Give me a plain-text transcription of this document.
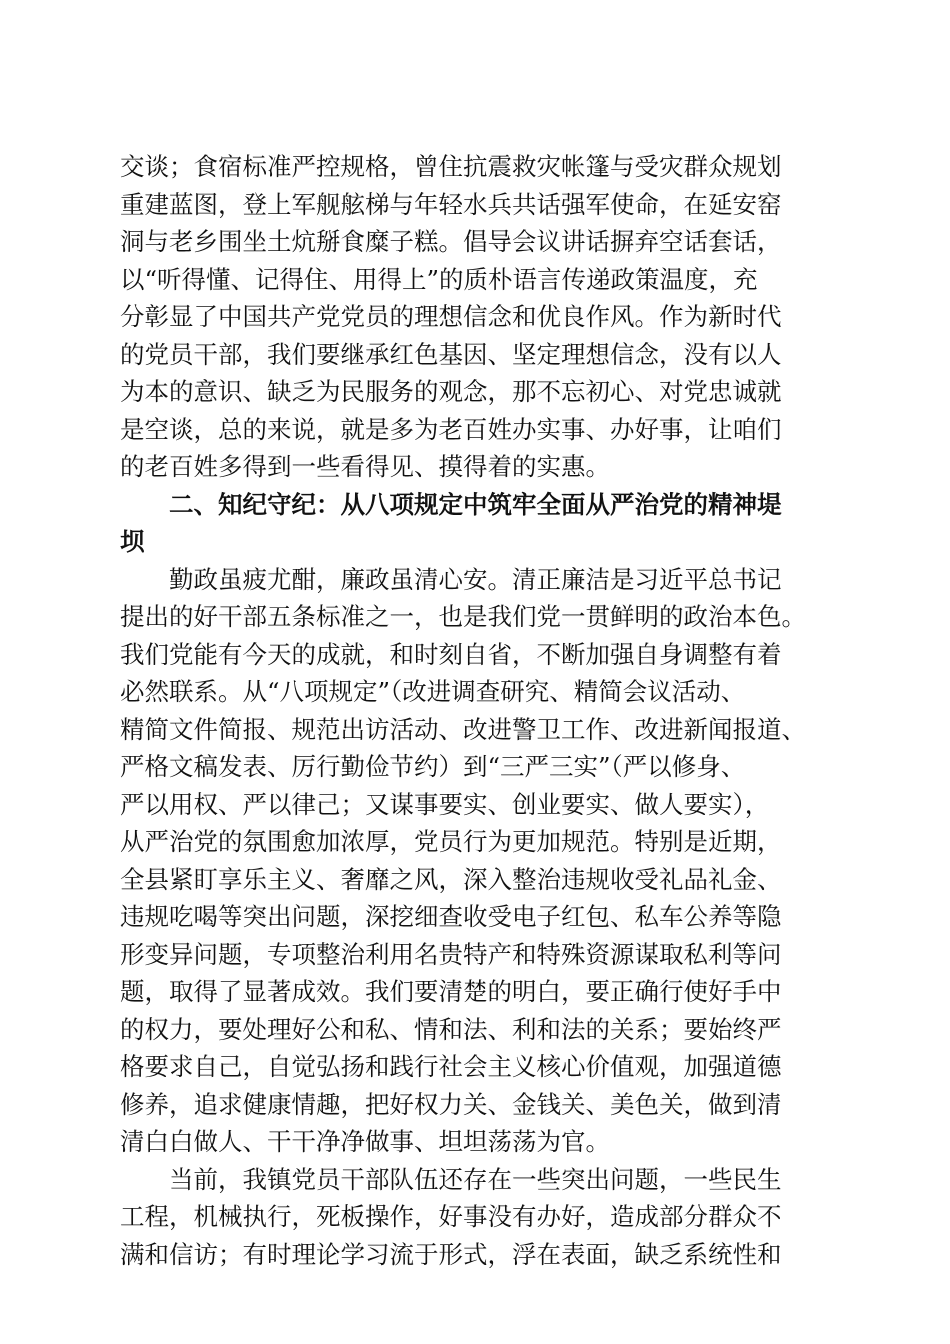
交谈；食宿标准严控规格，曾住抗震救灾帐篷与受灾群众规划
重建蓝图，登上军舰舷梯与年轻水兵共话强军使命，在延安窑
洞与老乡围坐土炕掰食糜子糕。倡导会议讲话摒弃空话套话，
以“听得懂、记得住、用得上”的质朴语言传递政策温度，充
分彰显了中国共产党党员的理想信念和优良作风。作为新时代
的党员干部，我们要继承红色基因、坚定理想信念，没有以人
为本的意识、缺乏为民服务的观念，那不忘初心、对党忠诚就
是空谈，总的来说，就是多为老百姓办实事、办好事，让咱们
的老百姓多得到一些看得见、摸得着的实惠。
二、知纪守纪：从八项规定中筑牢全面从严治党的精神堤
坝
勤政虽疲尤酣，廉政虽清心安。清正廉洁是习近平总书记
提出的好干部五条标准之一，也是我们党一贯鲜明的政治本色。
我们党能有今天的成就，和时刻自省，不断加强自身调整有着
必然联系。从“八项规定”（改进调查研究、精简会议活动、
精简文件简报、规范出访活动、改进警卫工作、改进新闻报道、
严格文稿发表、厉行勤俭节约）到“三严三实”（严以修身、
严以用权、严以律己；又谋事要实、创业要实、做人要实），
从严治党的氛围愈加浓厚，党员行为更加规范。特别是近期，
全县紧盯享乐主义、奢靡之风，深入整治违规收受礼品礼金、
违规吃喝等突出问题，深挖细查收受电子红包、私车公养等隐
形变异问题，专项整治利用名贵特产和特殊资源谋取私利等问
题，取得了显著成效。我们要清楚的明白，要正确行使好手中
的权力，要处理好公和私、情和法、利和法的关系；要始终严
格要求自己，自觉弘扬和践行社会主义核心价值观，加强道德
修养，追求健康情趣，把好权力关、金钱关、美色关，做到清
清白白做人、干干净净做事、坦坦荡荡为官。
当前，我镇党员干部队伍还存在一些突出问题，一些民生
工程，机械执行，死板操作，好事没有办好，造成部分群众不
满和信访；有时理论学习流于形式，浮在表面，缺乏系统性和
